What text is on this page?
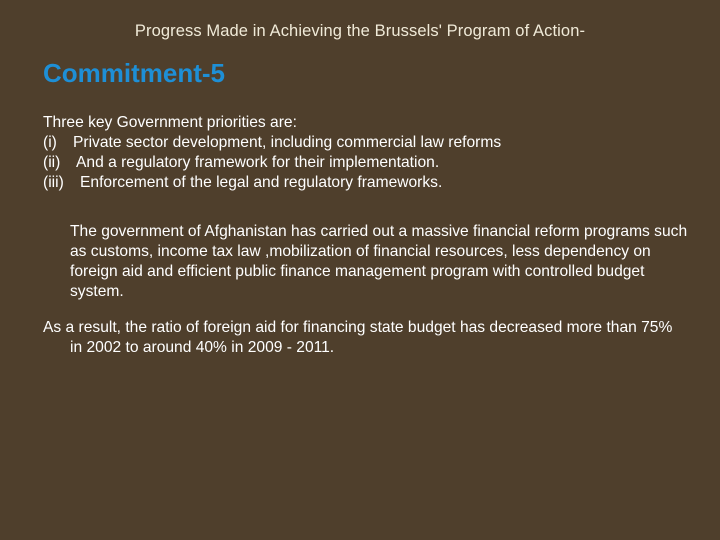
Progress Made in Achieving the Brussels' Program of Action-
Commitment-5

Three key Government priorities are:

(i)	Private sector development, including commercial law reforms
(ii)	And a regulatory framework for their implementation.
(iii)	Enforcement of the legal and regulatory frameworks.

The government of Afghanistan has carried out a massive financial reform programs such as customs, income tax law ,mobilization of financial resources, less dependency on foreign aid and efficient public finance management program with controlled budget system.

As a result, the ratio of foreign aid for financing state budget has decreased more than 75% in 2002 to around 40% in 2009 - 2011.
